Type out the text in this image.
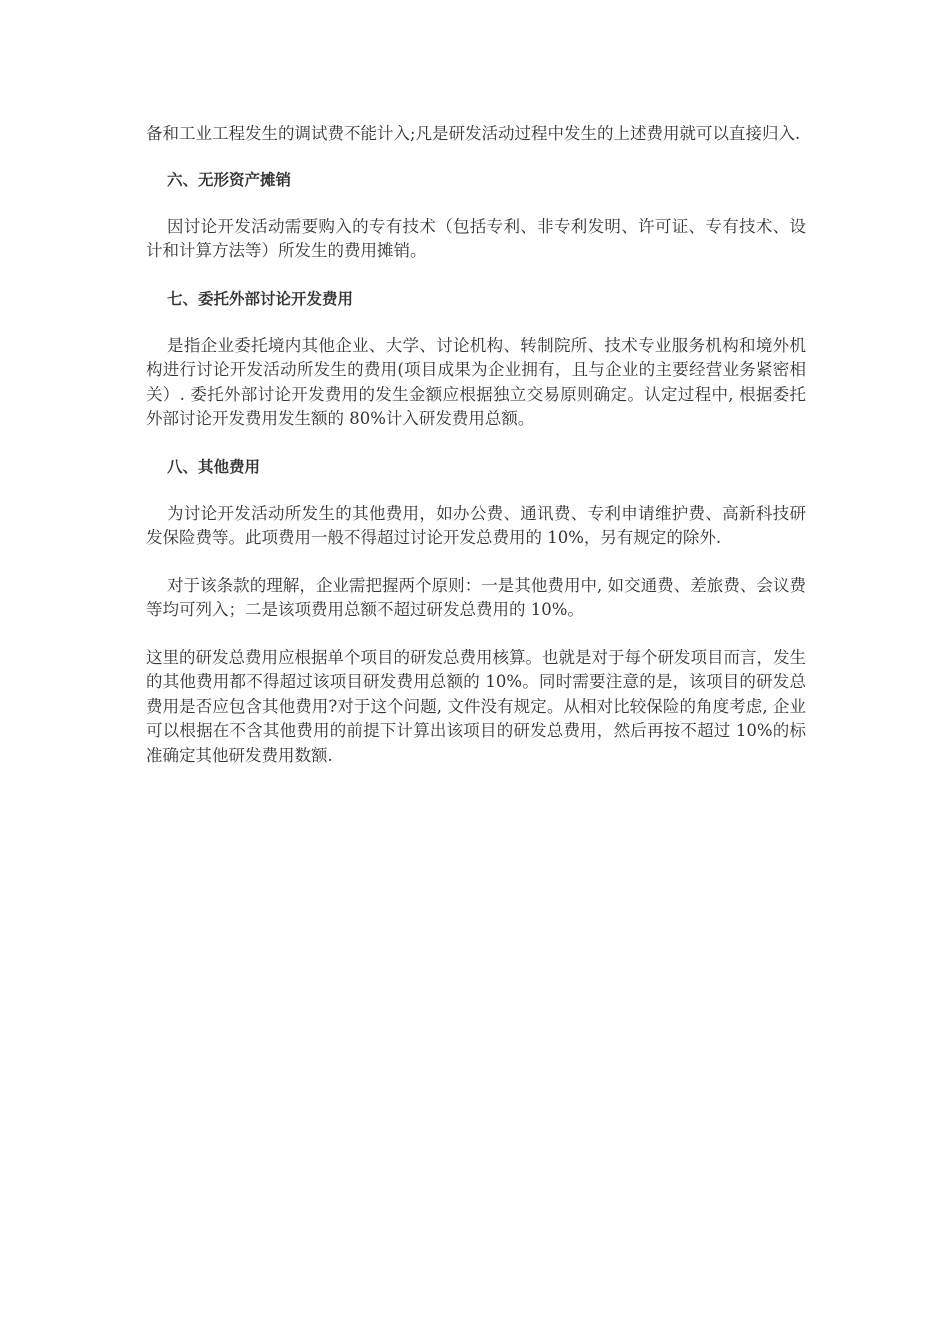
备和工业工程发生的调试费不能计入;凡是研发活动过程中发生的上述费用就可以直接归入.

六、无形资产摊销

因讨论开发活动需要购入的专有技术（包括专利、非专利发明、许可证、专有技术、设计和计算方法等）所发生的费用摊销。

七、委托外部讨论开发费用

是指企业委托境内其他企业、大学、讨论机构、转制院所、技术专业服务机构和境外机构进行讨论开发活动所发生的费用(项目成果为企业拥有，且与企业的主要经营业务紧密相关）. 委托外部讨论开发费用的发生金额应根据独立交易原则确定。认定过程中, 根据委托外部讨论开发费用发生额的 80%计入研发费用总额。

八、其他费用

为讨论开发活动所发生的其他费用，如办公费、通讯费、专利申请维护费、高新科技研发保险费等。此项费用一般不得超过讨论开发总费用的 10%，另有规定的除外.

对于该条款的理解，企业需把握两个原则：一是其他费用中, 如交通费、差旅费、会议费等均可列入；二是该项费用总额不超过研发总费用的 10%。

这里的研发总费用应根据单个项目的研发总费用核算。也就是对于每个研发项目而言，发生的其他费用都不得超过该项目研发费用总额的 10%。同时需要注意的是，该项目的研发总费用是否应包含其他费用?对于这个问题, 文件没有规定。从相对比较保险的角度考虑, 企业可以根据在不含其他费用的前提下计算出该项目的研发总费用，然后再按不超过 10%的标准确定其他研发费用数额.
